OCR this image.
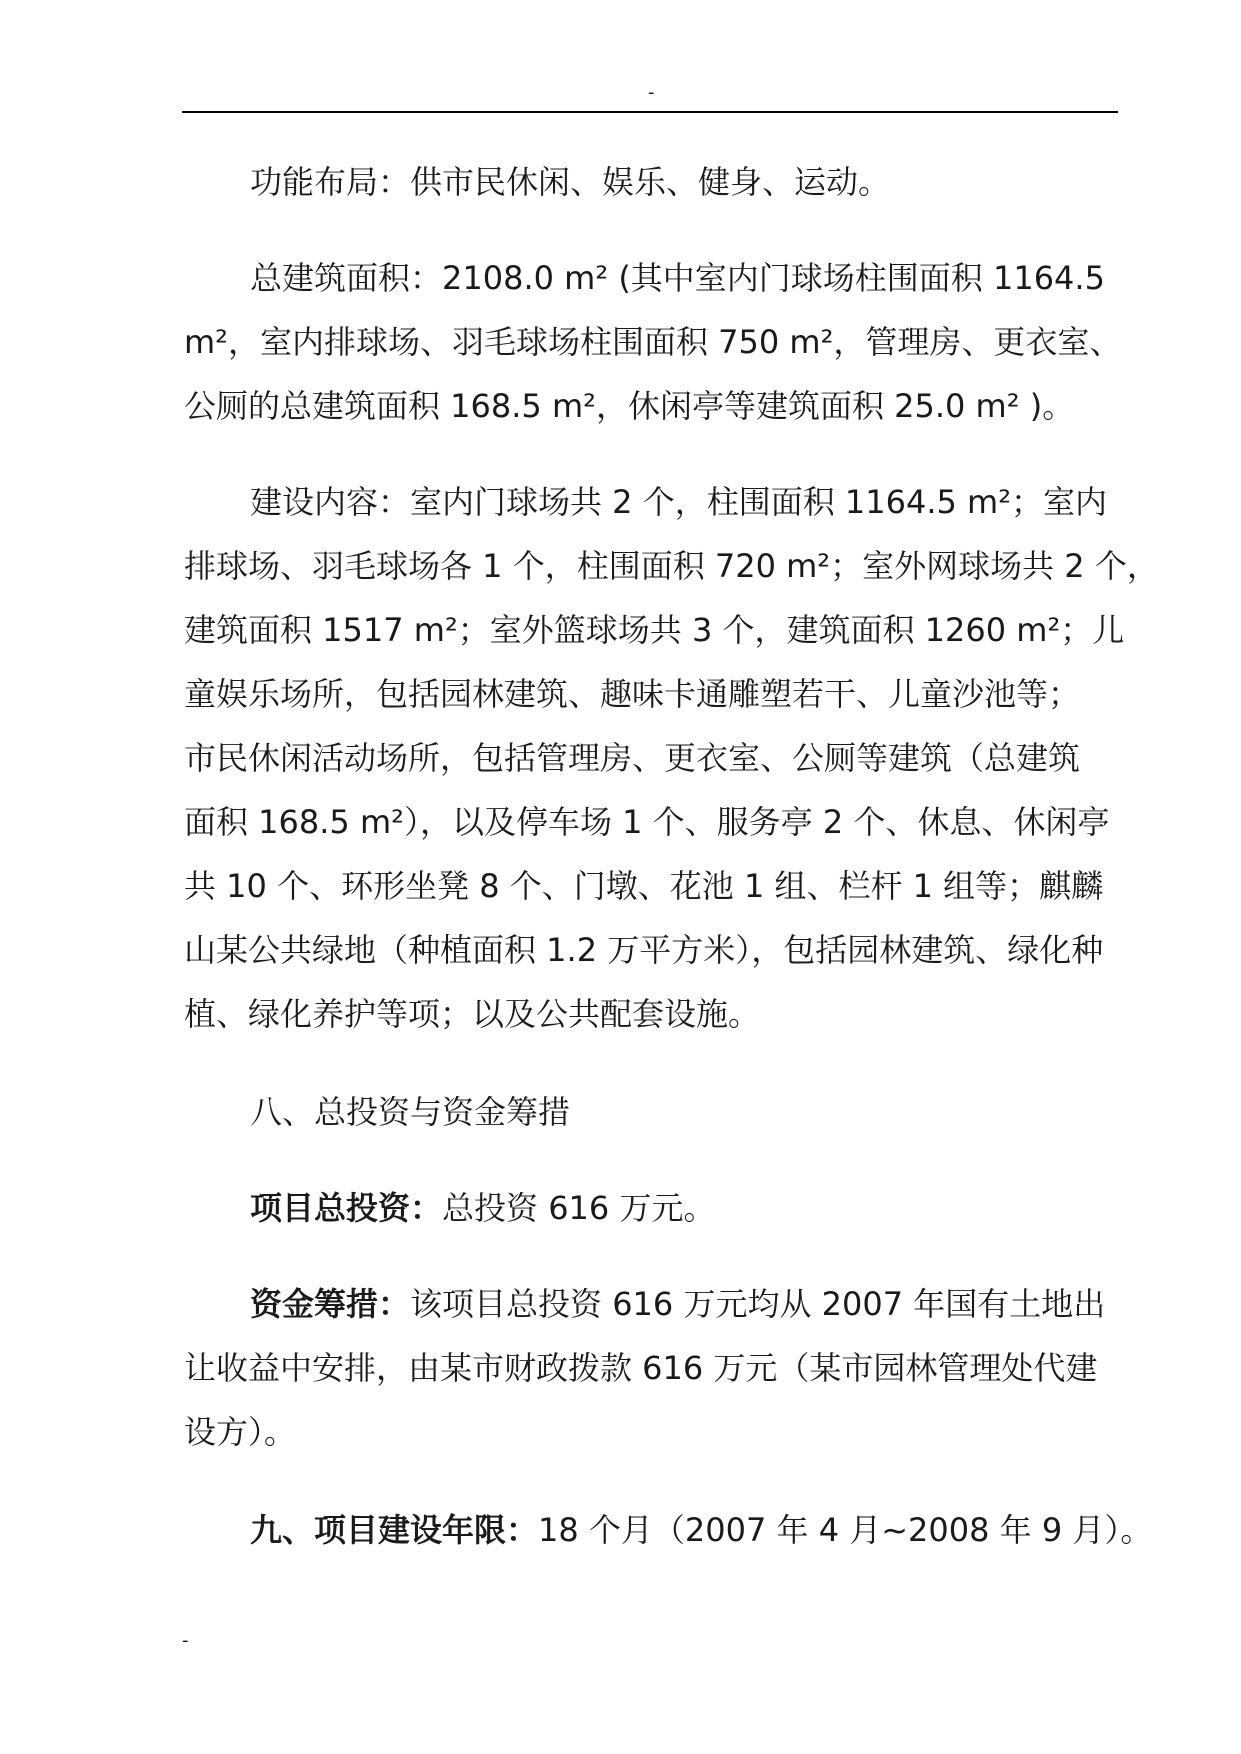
-
功能布局：供市民休闲、娱乐、健身、运动。
总建筑面积：2108.0 m² (其中室内门球场柱围面积 1164.5
m²，室内排球场、羽毛球场柱围面积 750 m²，管理房、更衣室、
公厕的总建筑面积 168.5 m²，休闲亭等建筑面积 25.0 m² )。
建设内容：室内门球场共 2 个，柱围面积 1164.5 m²；室内
排球场、羽毛球场各 1 个，柱围面积 720 m²；室外网球场共 2 个，
建筑面积 1517 m²；室外篮球场共 3 个，建筑面积 1260 m²；儿
童娱乐场所，包括园林建筑、趣味卡通雕塑若干、儿童沙池等；
市民休闲活动场所，包括管理房、更衣室、公厕等建筑（总建筑
面积 168.5 m²），以及停车场 1 个、服务亭 2 个、休息、休闲亭
共 10 个、环形坐凳 8 个、门墩、花池 1 组、栏杆 1 组等；麒麟
山某公共绿地（种植面积 1.2 万平方米），包括园林建筑、绿化种
植、绿化养护等项；以及公共配套设施。
八、总投资与资金筹措
项目总投资：总投资 616 万元。
资金筹措：该项目总投资 616 万元均从 2007 年国有土地出
让收益中安排，由某市财政拨款 616 万元（某市园林管理处代建
设方）。
九、项目建设年限：18 个月（2007 年 4 月~2008 年 9 月）。
-
